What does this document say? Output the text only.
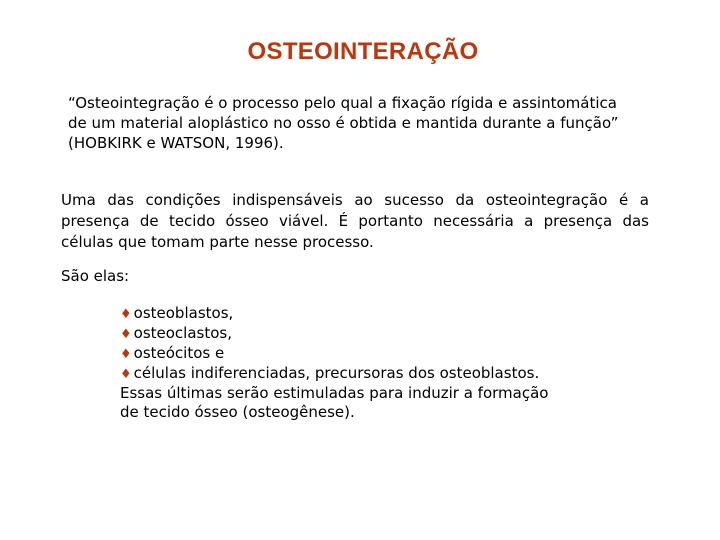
OSTEOINTERAÇÃO
“Osteointegração é o processo pelo qual a fixação rígida e assintomática
de um material aloplástico no osso é obtida e mantida durante a função”
(HOBKIRK e WATSON, 1996).
Uma das condições indispensáveis ao sucesso da osteointegração é a
presença de tecido ósseo viável. É portanto necessária a presença das
células que tomam parte nesse processo.
São elas:
♦ osteoblastos,
♦ osteoclastos,
♦ osteócitos e
♦ células indiferenciadas, precursoras dos osteoblastos.
Essas últimas serão estimuladas para induzir a formação
de tecido ósseo (osteogênese).
